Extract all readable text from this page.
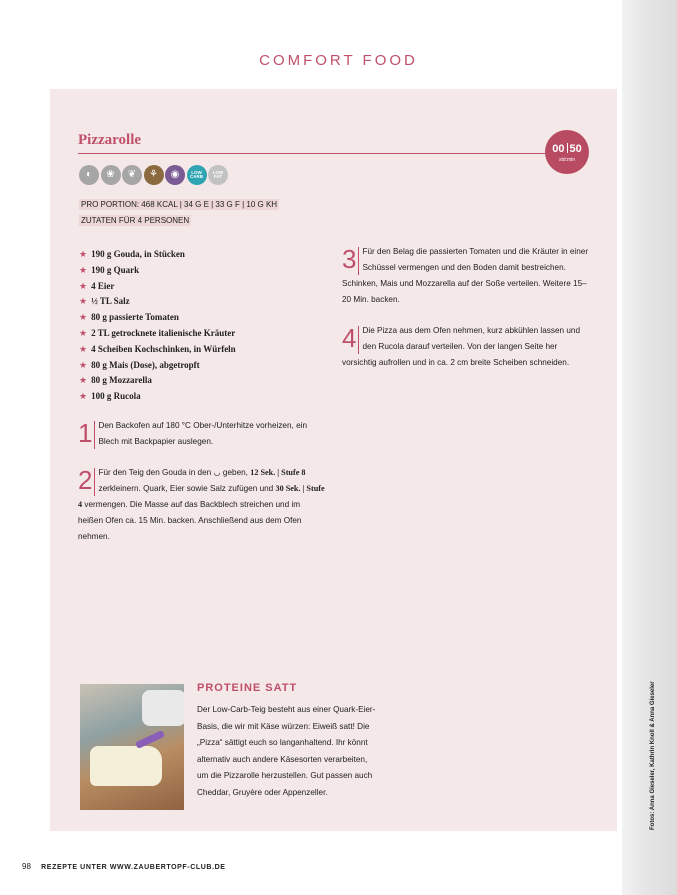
COMFORT FOOD
Pizzarolle
00 50
std:min
◐	❀	❦	⚘	◉	LOW
CARB
LOW
FAT
PRO PORTION: 468 KCAL | 34 G E | 33 G F | 10 G KH
ZUTATEN FÜR 4 PERSONEN
★ 190 g Gouda, in Stücken
★ 190 g Quark
★ 4 Eier
★ ½ TL Salz
★ 80 g passierte Tomaten
★ 2 TL getrocknete italienische Kräuter
★ 4 Scheiben Kochschinken, in Würfeln
★ 80 g Mais (Dose), abgetropft
★ 80 g Mozzarella
★ 100 g Rucola
1 Den Backofen auf 180 °C Ober-/Unterhitze vorheizen, ein Blech mit Backpapier auslegen.
2 Für den Teig den Gouda in den ◡ geben, 12 Sek. | Stufe 8 zerkleinern. Quark, Eier sowie Salz zufügen und 30 Sek. | Stufe 4 vermengen. Die Masse auf das Backblech streichen und im heißen Ofen ca. 15 Min. backen. Anschließend aus dem Ofen nehmen.
3 Für den Belag die passierten Tomaten und die Kräuter in einer Schüssel vermengen und den Boden damit bestreichen. Schinken, Mais und Mozzarella auf der Soße verteilen. Weitere 15–20 Min. backen.
4 Die Pizza aus dem Ofen nehmen, kurz abkühlen lassen und den Rucola darauf verteilen. Von der langen Seite her vorsichtig aufrollen und in ca. 2 cm breite Scheiben schneiden.
PROTEINE SATT
Der Low-Carb-Teig besteht aus einer Quark-Eier-Basis, die wir mit Käse würzen: Eiweiß satt! Die „Pizza“ sättigt euch so langanhaltend. Ihr könnt alternativ auch andere Käsesorten verarbeiten, um die Pizzarolle herzustellen. Gut passen auch Cheddar, Gruyère oder Appenzeller.	Fotos: Anna Gieseler, Kathrin Knoll & Anna Gieseler
98 REZEPTE UNTER WWW.ZAUBERTOPF-CLUB.DE
